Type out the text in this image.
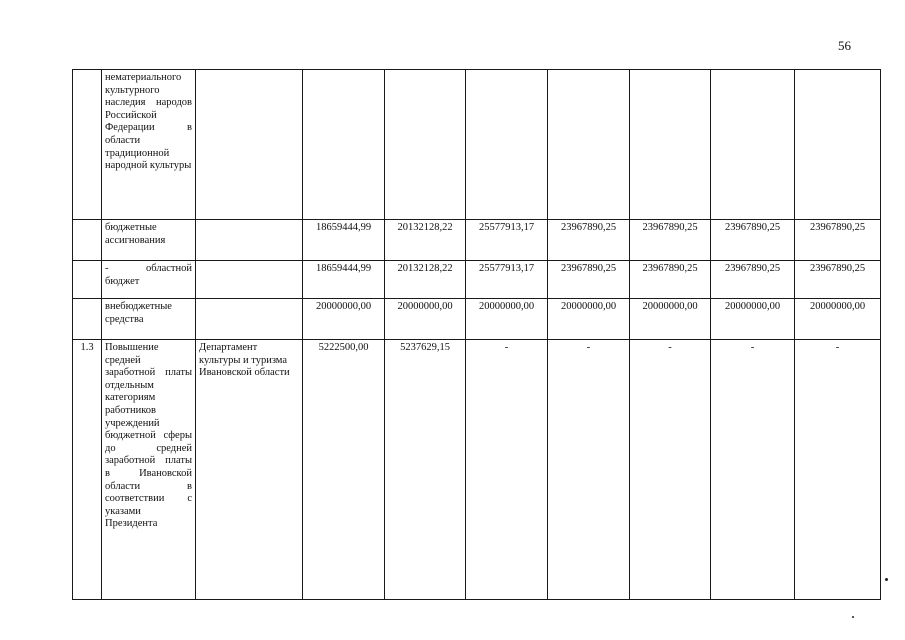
56
	нематериального культурного наследия народов Российской Федерации в области традиционной народной культуры								
	бюджетные ассигнования		18659444,99	20132128,22	25577913,17	23967890,25	23967890,25	23967890,25	23967890,25
	- областной бюджет		18659444,99	20132128,22	25577913,17	23967890,25	23967890,25	23967890,25	23967890,25
	внебюджетные средства		20000000,00	20000000,00	20000000,00	20000000,00	20000000,00	20000000,00	20000000,00
1.3	Повышение средней заработной платы отдельным категориям работников учреждений бюджетной сферы до средней заработной платы в Ивановской области в соответствии с указами Президента	Департамент культуры и туризма Ивановской области	5222500,00	5237629,15	-	-	-	-	-
